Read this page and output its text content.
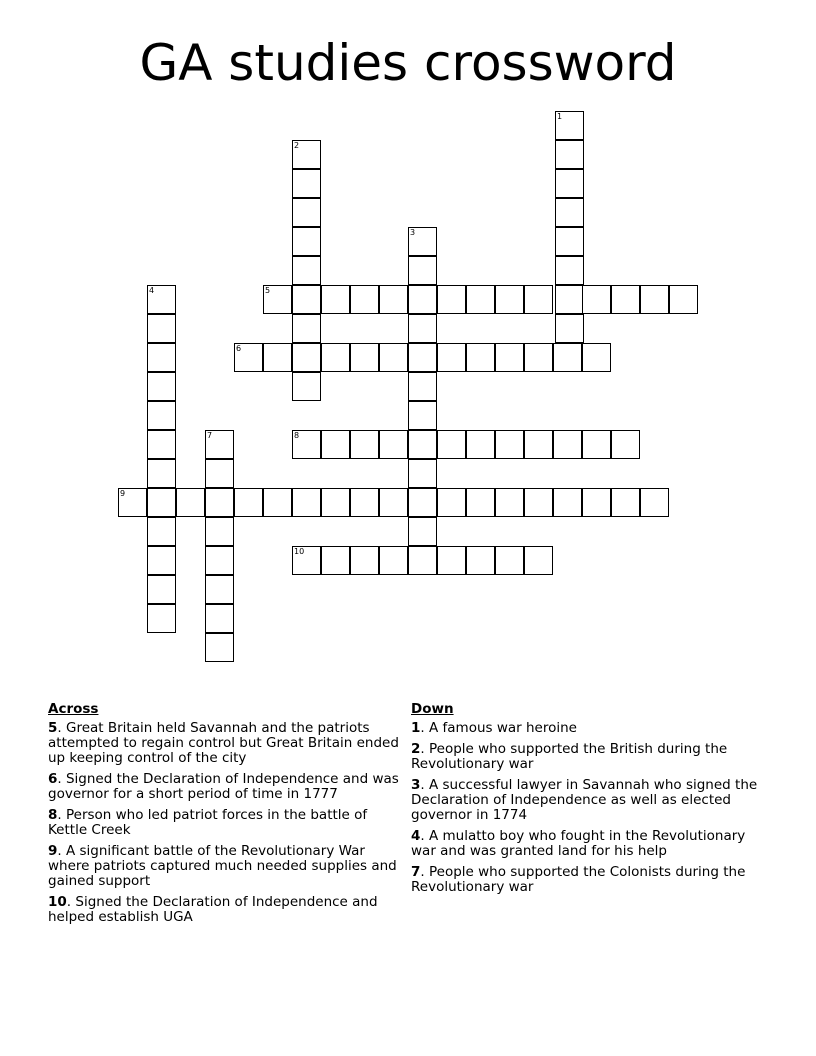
GA studies crossword
1
2
3
4	5
6
7	8
9
10
Across
5. Great Britain held Savannah and the patriots attempted to regain control but Great Britain ended up keeping control of the city
6. Signed the Declaration of Independence and was governor for a short period of time in 1777
8. Person who led patriot forces in the battle of Kettle Creek
9. A significant battle of the Revolutionary War where patriots captured much needed supplies and gained support
10. Signed the Declaration of Independence and helped establish UGA
Down
1. A famous war heroine
2. People who supported the British during the Revolutionary war
3. A successful lawyer in Savannah who signed the Declaration of Independence as well as elected governor in 1774
4. A mulatto boy who fought in the Revolutionary war and was granted land for his help
7. People who supported the Colonists during the Revolutionary war
